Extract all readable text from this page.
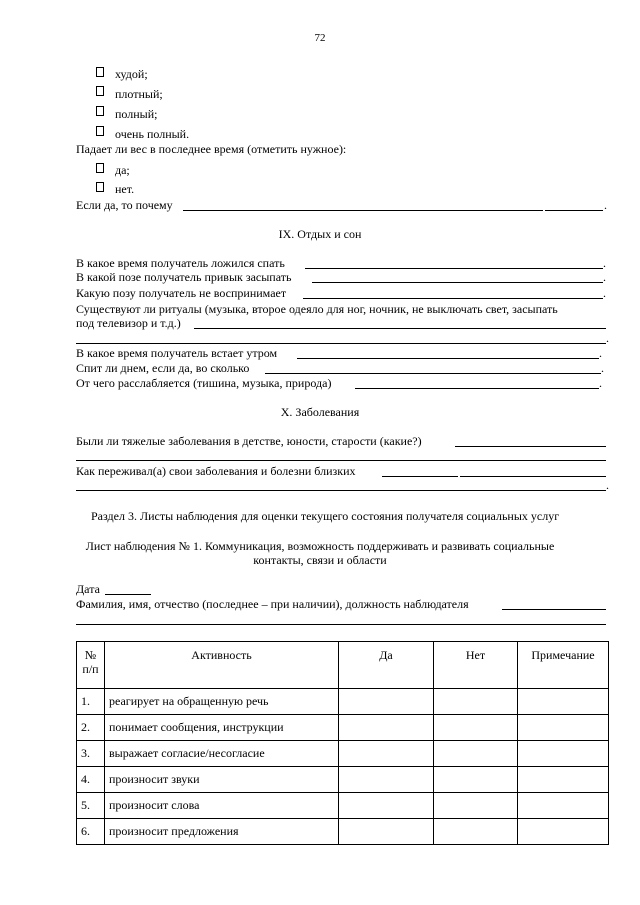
72
худой;
плотный;
полный;
очень полный.
Падает ли вес в последнее время (отметить нужное):
да;
нет.
Если да, то почему	.
IX. Отдых и сон
В какое время получатель ложился спать	.
В какой позе получатель привык засыпать	.
Какую позу получатель не воспринимает	.
Существуют ли ритуалы (музыка, второе одеяло для ног, ночник, не выключать свет, засыпать
под телевизор и т.д.)
.
В какое время получатель встает утром	.
Спит ли днем, если да, во сколько	.
От чего расслабляется (тишина, музыка, природа)	.
X. Заболевания
Были ли тяжелые заболевания в детстве, юности, старости (какие?)
Как переживал(а) свои заболевания и болезни близких
.
Раздел 3. Листы наблюдения для оценки текущего состояния получателя социальных услуг
Лист наблюдения № 1. Коммуникация, возможность поддерживать и развивать социальные
контакты, связи и области
Дата
Фамилия, имя, отчество (последнее – при наличии), должность наблюдателя
№
п/п	Активность	Да	Нет	Примечание
1.	реагирует на обращенную речь			
2.	понимает сообщения, инструкции			
3.	выражает согласие/несогласие			
4.	произносит звуки			
5.	произносит слова			
6.	произносит предложения			
